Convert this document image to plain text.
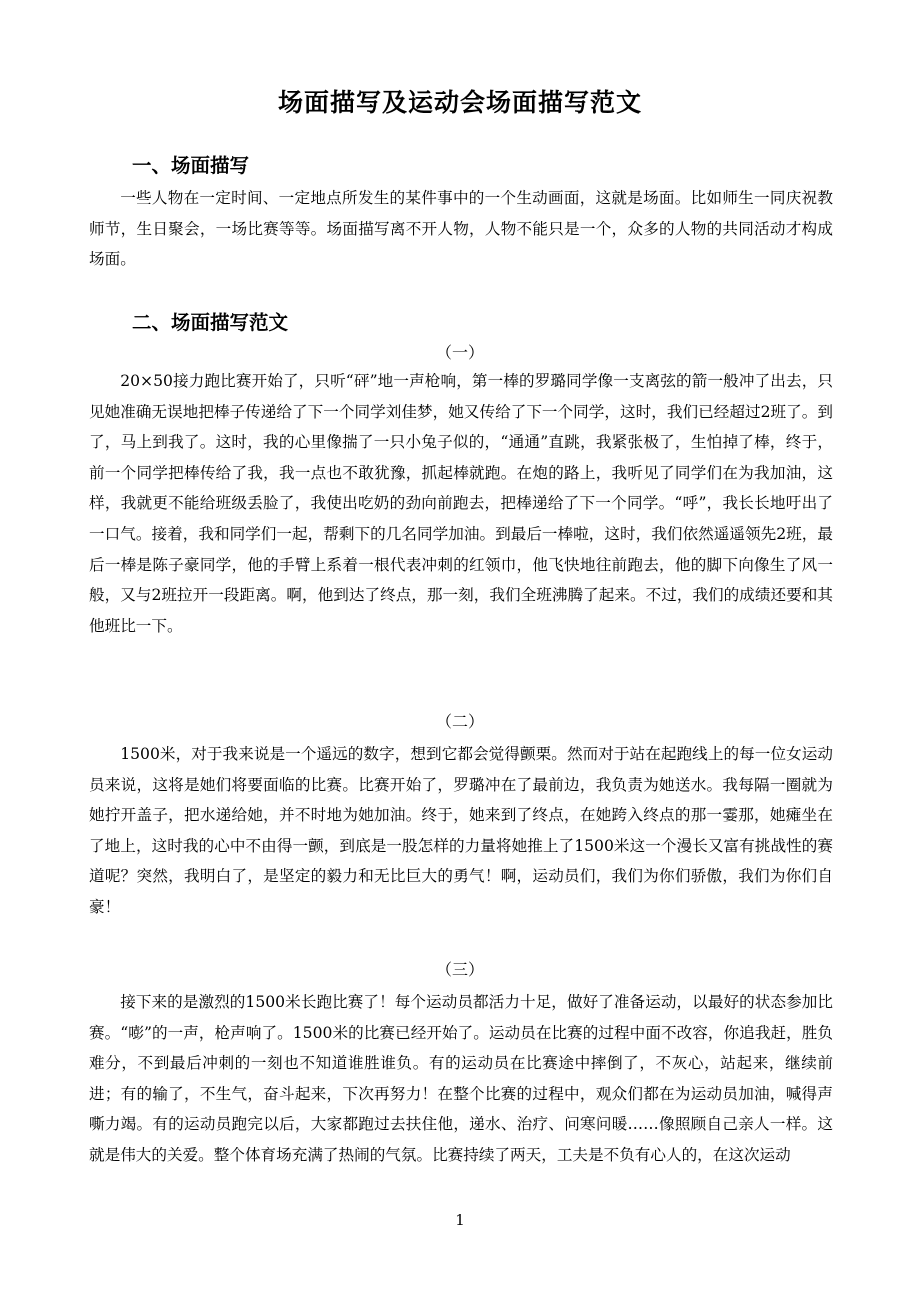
场面描写及运动会场面描写范文
一、场面描写

一些人物在一定时间、一定地点所发生的某件事中的一个生动画面，这就是场面。比如师生一同庆祝教师节，生日聚会，一场比赛等等。场面描写离不开人物，人物不能只是一个，众多的人物的共同活动才构成场面。

二、场面描写范文
（一）

20×50接力跑比赛开始了，只听“砰”地一声枪响，第一棒的罗璐同学像一支离弦的箭一般冲了出去，只见她准确无误地把棒子传递给了下一个同学刘佳梦，她又传给了下一个同学，这时，我们已经超过2班了。到了，马上到我了。这时，我的心里像揣了一只小兔子似的，“通通”直跳，我紧张极了，生怕掉了棒，终于，前一个同学把棒传给了我，我一点也不敢犹豫，抓起棒就跑。在炮的路上，我听见了同学们在为我加油，这样，我就更不能给班级丢脸了，我使出吃奶的劲向前跑去，把棒递给了下一个同学。“呼”，我长长地吁出了一口气。接着，我和同学们一起，帮剩下的几名同学加油。到最后一棒啦，这时，我们依然遥遥领先2班，最后一棒是陈子豪同学，他的手臂上系着一根代表冲刺的红领巾，他飞快地往前跑去，他的脚下向像生了风一般，又与2班拉开一段距离。啊，他到达了终点，那一刻，我们全班沸腾了起来。不过，我们的成绩还要和其他班比一下。

（二）

1500米，对于我来说是一个遥远的数字，想到它都会觉得颤栗。然而对于站在起跑线上的每一位女运动员来说，这将是她们将要面临的比赛。比赛开始了，罗璐冲在了最前边，我负责为她送水。我每隔一圈就为她拧开盖子，把水递给她，并不时地为她加油。终于，她来到了终点，在她跨入终点的那一霎那，她瘫坐在了地上，这时我的心中不由得一颤，到底是一股怎样的力量将她推上了1500米这一个漫长又富有挑战性的赛道呢？突然，我明白了，是坚定的毅力和无比巨大的勇气！啊，运动员们，我们为你们骄傲，我们为你们自豪！

（三）

接下来的是激烈的1500米长跑比赛了！每个运动员都活力十足，做好了准备运动，以最好的状态参加比赛。“嘭”的一声，枪声响了。1500米的比赛已经开始了。运动员在比赛的过程中面不改容，你追我赶，胜负难分，不到最后冲刺的一刻也不知道谁胜谁负。有的运动员在比赛途中摔倒了，不灰心，站起来，继续前进；有的输了，不生气，奋斗起来，下次再努力！在整个比赛的过程中，观众们都在为运动员加油，喊得声嘶力竭。有的运动员跑完以后，大家都跑过去扶住他，递水、治疗、问寒问暖……像照顾自己亲人一样。这就是伟大的关爱。整个体育场充满了热闹的气氛。比赛持续了两天，工夫是不负有心人的，在这次运动

1
